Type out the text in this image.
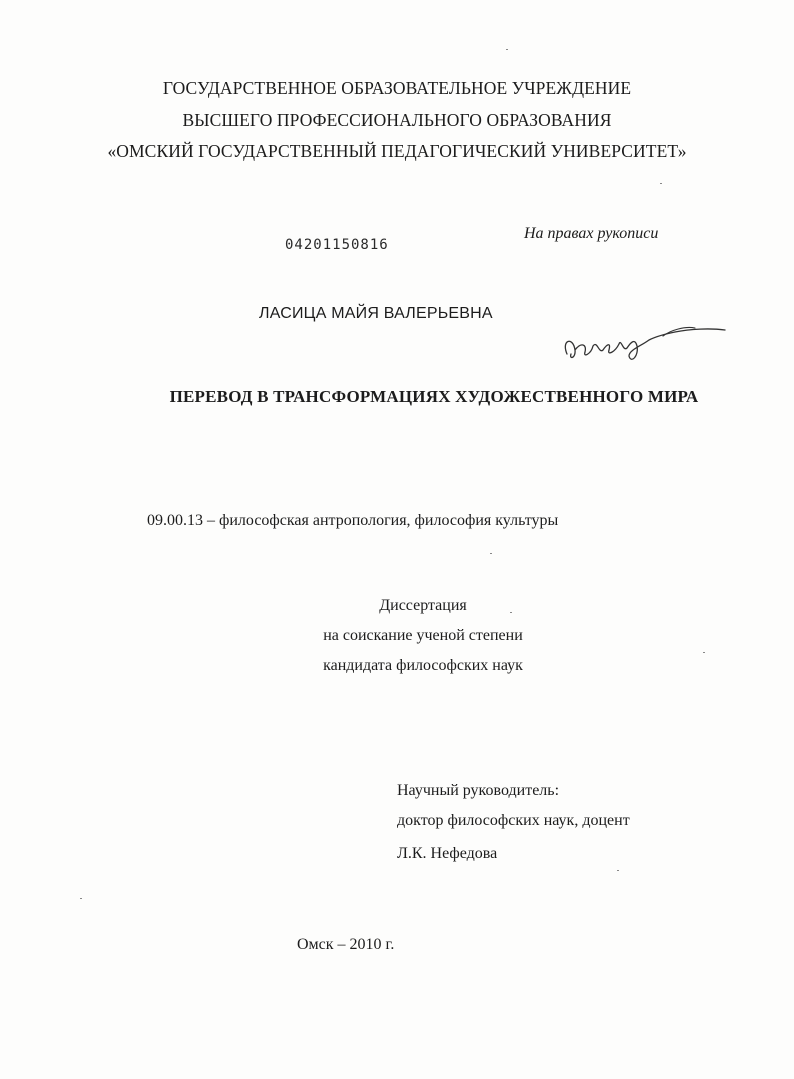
ГОСУДАРСТВЕННОЕ ОБРАЗОВАТЕЛЬНОЕ УЧРЕЖДЕНИЕ
ВЫСШЕГО ПРОФЕССИОНАЛЬНОГО ОБРАЗОВАНИЯ
«ОМСКИЙ ГОСУДАРСТВЕННЫЙ ПЕДАГОГИЧЕСКИЙ УНИВЕРСИТЕТ»
04201150816
На правах рукописи
ЛАСИЦА МАЙЯ ВАЛЕРЬЕВНА
ПЕРЕВОД В ТРАНСФОРМАЦИЯХ ХУДОЖЕСТВЕННОГО МИРА
09.00.13 – философская антропология, философия культуры
Диссертация
на соискание ученой степени
кандидата философских наук
Научный руководитель:
доктор философских наук, доцент
Л.К. Нефедова
Омск – 2010 г.
